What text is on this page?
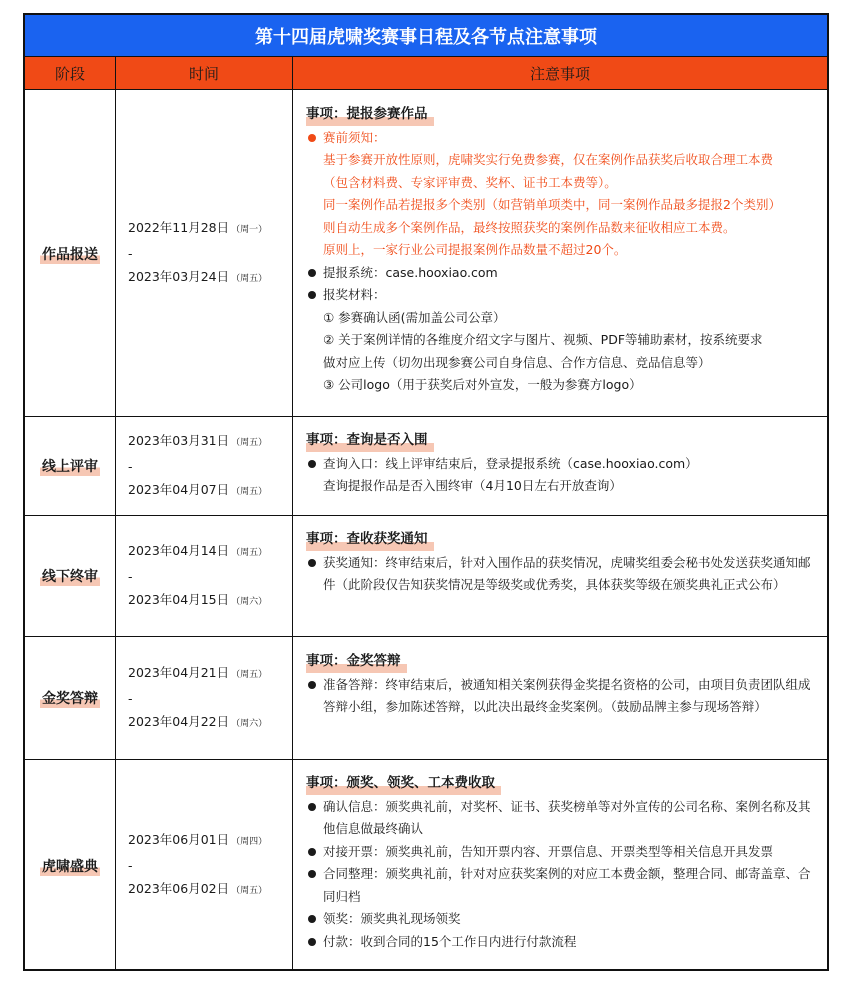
第十四届虎啸奖赛事日程及各节点注意事项
阶段	时间	注意事项
作品报送
2022年11月28日 （周一）
-
2023年03月24日 （周五）
事项：提报参赛作品
赛前须知：
基于参赛开放性原则，虎啸奖实行免费参赛，仅在案例作品获奖后收取合理工本费
（包含材料费、专家评审费、奖杯、证书工本费等）。
同一案例作品若提报多个类别（如营销单项类中，同一案例作品最多提报2个类别）
则自动生成多个案例作品，最终按照获奖的案例作品数来征收相应工本费。
原则上，一家行业公司提报案例作品数量不超过20个。
提报系统：case.hooxiao.com
报奖材料：
① 参赛确认函(需加盖公司公章）
② 关于案例详情的各维度介绍文字与图片、视频、PDF等辅助素材，按系统要求
做对应上传（切勿出现参赛公司自身信息、合作方信息、竞品信息等）
③ 公司logo（用于获奖后对外宣发，一般为参赛方logo）
线上评审
2023年03月31日 （周五）
-
2023年04月07日 （周五）
事项：查询是否入围
查询入口：线上评审结束后，登录提报系统（case.hooxiao.com）
查询提报作品是否入围终审（4月10日左右开放查询）
线下终审
2023年04月14日 （周五）
-
2023年04月15日 （周六）
事项：查收获奖通知
获奖通知：终审结束后，针对入围作品的获奖情况，虎啸奖组委会秘书处发送获奖通知邮件（此阶段仅告知获奖情况是等级奖或优秀奖，具体获奖等级在颁奖典礼正式公布）
金奖答辩
2023年04月21日 （周五）
-
2023年04月22日 （周六）
事项：金奖答辩
准备答辩：终审结束后，被通知相关案例获得金奖提名资格的公司，由项目负责团队组成答辩小组，参加陈述答辩，以此决出最终金奖案例。（鼓励品牌主参与现场答辩）
虎啸盛典
2023年06月01日 （周四）
-
2023年06月02日 （周五）
事项：颁奖、领奖、工本费收取
确认信息：颁奖典礼前，对奖杯、证书、获奖榜单等对外宣传的公司名称、案例名称及其他信息做最终确认
对接开票：颁奖典礼前，告知开票内容、开票信息、开票类型等相关信息开具发票
合同整理：颁奖典礼前，针对对应获奖案例的对应工本费金额，整理合同、邮寄盖章、合同归档
领奖：颁奖典礼现场领奖
付款：收到合同的15个工作日内进行付款流程
